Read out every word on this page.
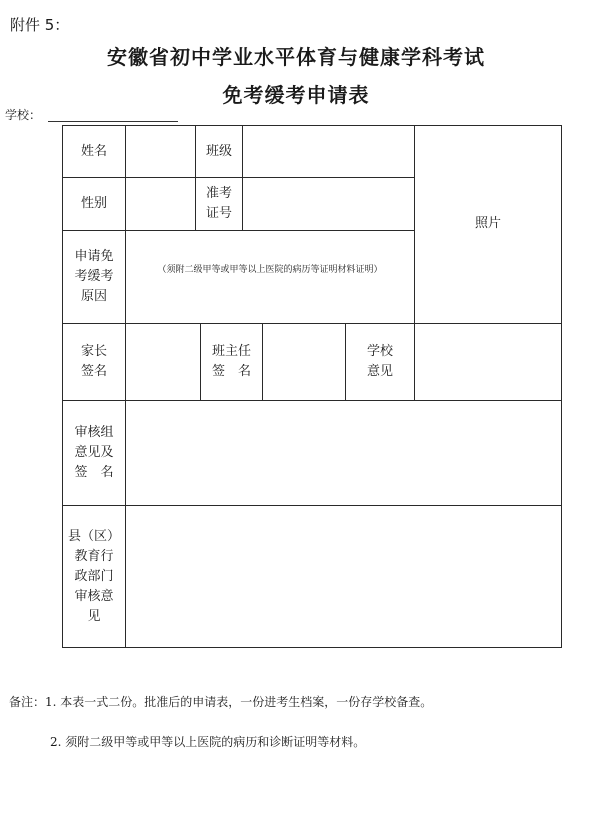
附件 5：
安徽省初中学业水平体育与健康学科考试
免考缓考申请表
学校：
姓名	班级
性别
准考
证号
照片
申请免
考缓考
原因
（须附二级甲等或甲等以上医院的病历等证明材料证明）
家长
签名
班主任
签　名
学校
意见
审核组
意见及
签　名
县（区）
教育行
政部门
审核意
见
备注：1. 本表一式二份。批准后的申请表，一份进考生档案，一份存学校备查。
2. 须附二级甲等或甲等以上医院的病历和诊断证明等材料。
